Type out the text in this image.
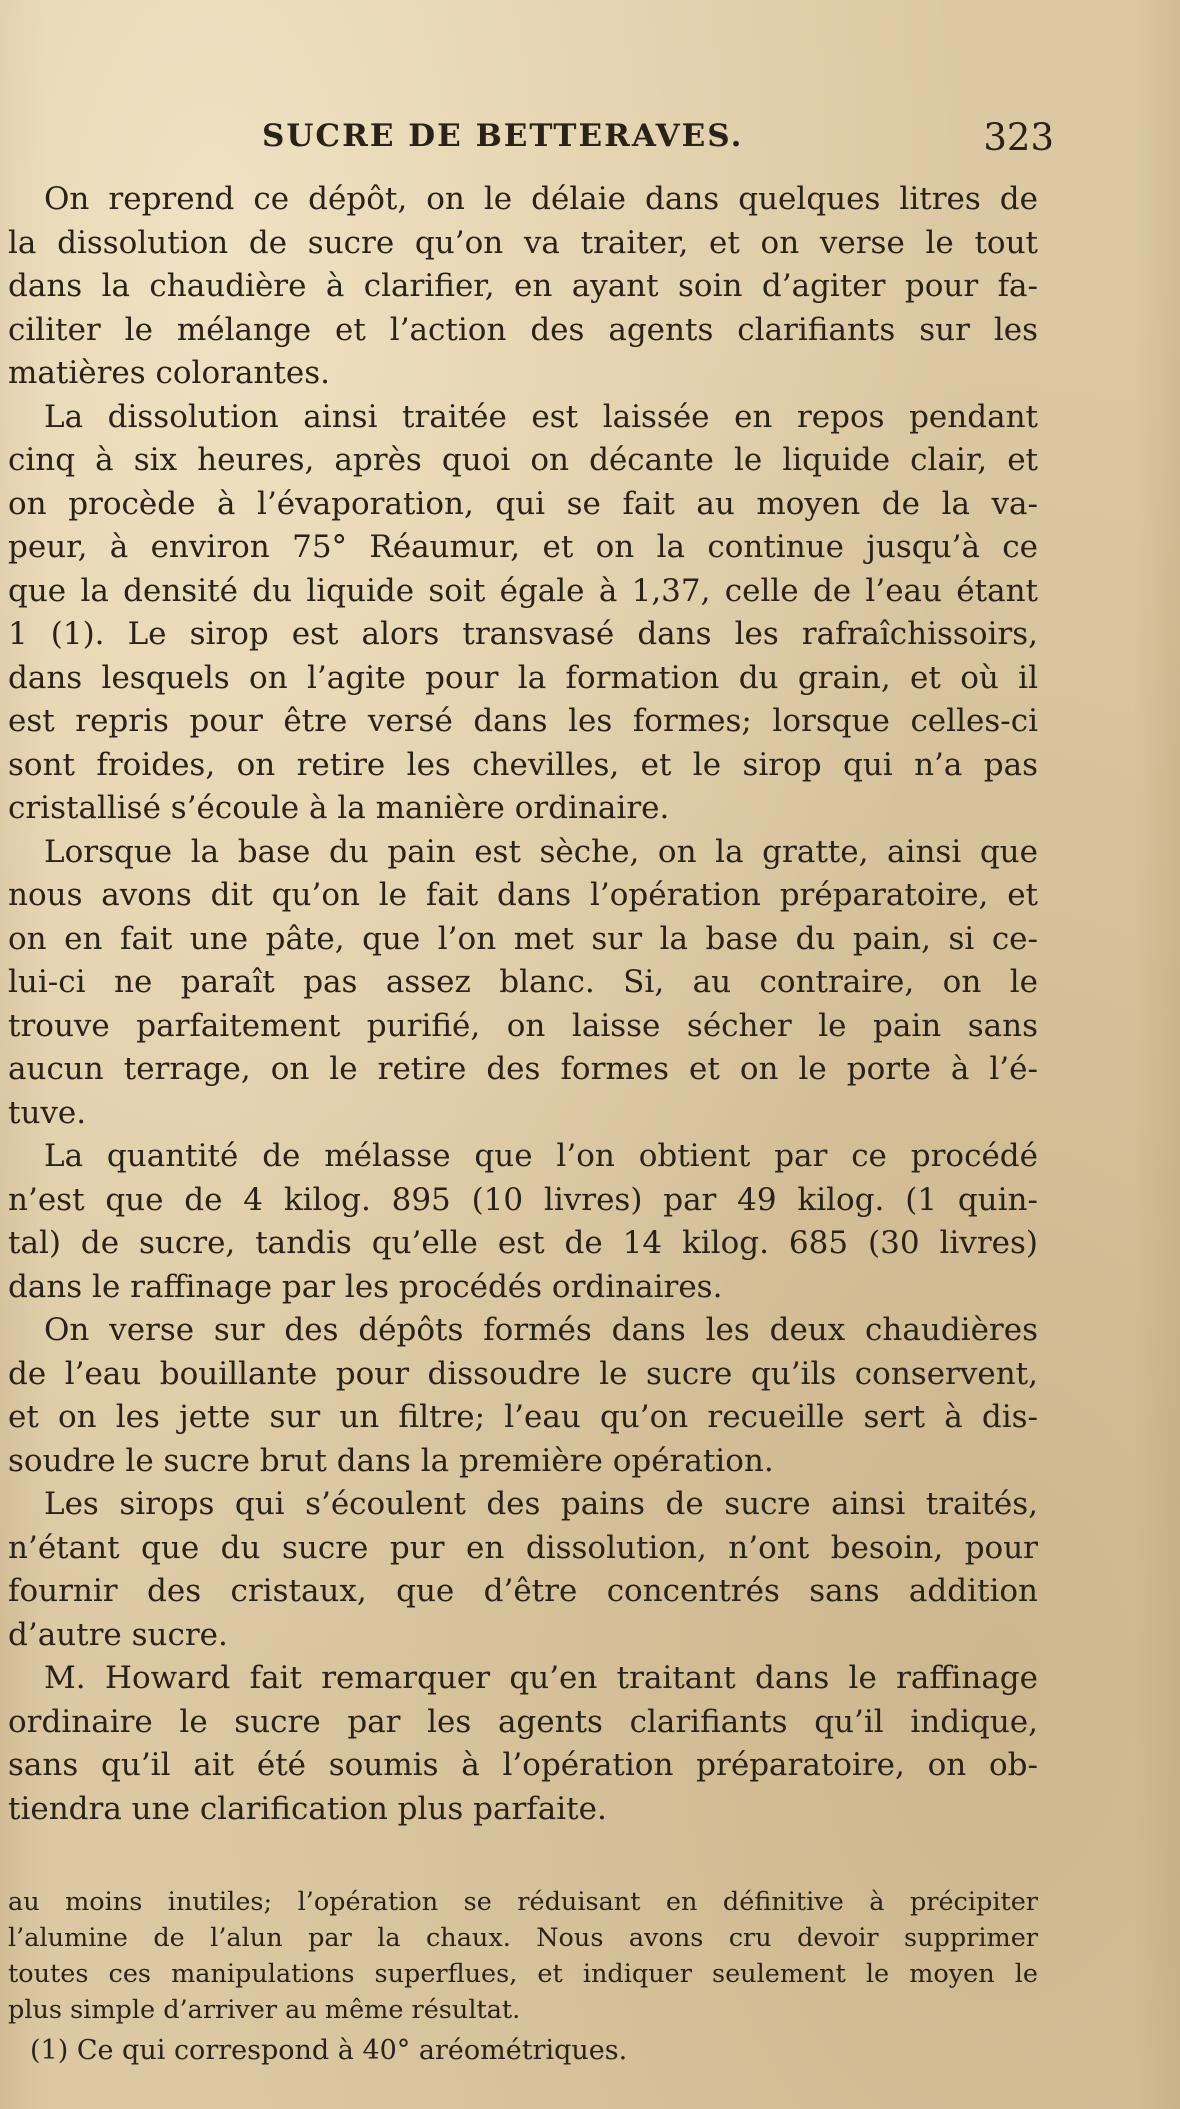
SUCRE DE BETTERAVES.	323
On reprend ce dépôt, on le délaie dans quelques litres de
la dissolution de sucre qu’on va traiter, et on verse le tout
dans la chaudière à clarifier, en ayant soin d’agiter pour fa-
ciliter le mélange et l’action des agents clarifiants sur les
matières colorantes.
La dissolution ainsi traitée est laissée en repos pendant
cinq à six heures, après quoi on décante le liquide clair, et
on procède à l’évaporation, qui se fait au moyen de la va-
peur, à environ 75° Réaumur, et on la continue jusqu’à ce
que la densité du liquide soit égale à 1,37, celle de l’eau étant
1 (1). Le sirop est alors transvasé dans les rafraîchissoirs,
dans lesquels on l’agite pour la formation du grain, et où il
est repris pour être versé dans les formes; lorsque celles-ci
sont froides, on retire les chevilles, et le sirop qui n’a pas
cristallisé s’écoule à la manière ordinaire.
Lorsque la base du pain est sèche, on la gratte, ainsi que
nous avons dit qu’on le fait dans l’opération préparatoire, et
on en fait une pâte, que l’on met sur la base du pain, si ce-
lui-ci ne paraît pas assez blanc. Si, au contraire, on le
trouve parfaitement purifié, on laisse sécher le pain sans
aucun terrage, on le retire des formes et on le porte à l’é-
tuve.
La quantité de mélasse que l’on obtient par ce procédé
n’est que de 4 kilog. 895 (10 livres) par 49 kilog. (1 quin-
tal) de sucre, tandis qu’elle est de 14 kilog. 685 (30 livres)
dans le raffinage par les procédés ordinaires.
On verse sur des dépôts formés dans les deux chaudières
de l’eau bouillante pour dissoudre le sucre qu’ils conservent,
et on les jette sur un filtre; l’eau qu’on recueille sert à dis-
soudre le sucre brut dans la première opération.
Les sirops qui s’écoulent des pains de sucre ainsi traités,
n’étant que du sucre pur en dissolution, n’ont besoin, pour
fournir des cristaux, que d’être concentrés sans addition
d’autre sucre.
M. Howard fait remarquer qu’en traitant dans le raffinage
ordinaire le sucre par les agents clarifiants qu’il indique,
sans qu’il ait été soumis à l’opération préparatoire, on ob-
tiendra une clarification plus parfaite.
au moins inutiles; l’opération se réduisant en définitive à précipiter
l’alumine de l’alun par la chaux. Nous avons cru devoir supprimer
toutes ces manipulations superflues, et indiquer seulement le moyen le
plus simple d’arriver au même résultat.
(1) Ce qui correspond à 40° aréométriques.
